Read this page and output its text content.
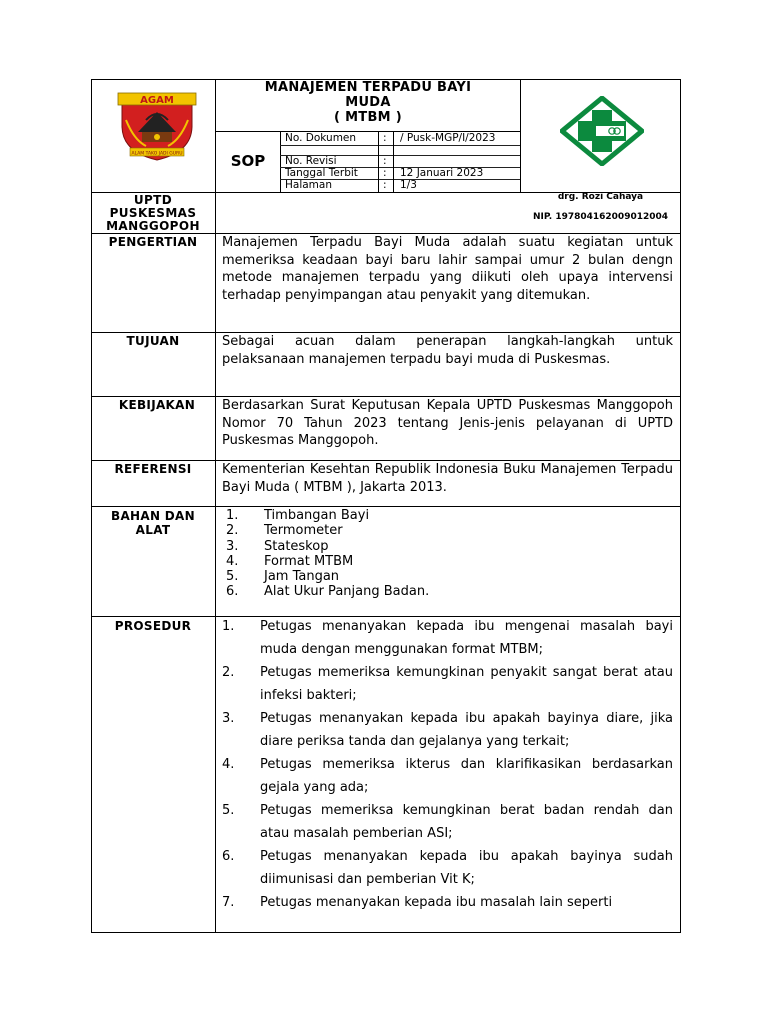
AGAM
ALAM TAKO JADI GURU
MANAJEMEN TERPADU BAYI
MUDA
( MTBM )
SOP
No. Dokumen	: / Pusk-MGP/I/2023
No. Revisi	:
Tanggal Terbit : 12 Januari 2023
Halaman	: 1/3
UPTD
PUSKESMAS
MANGGOPOH
drg. Rozi Cahaya
NIP. 197804162009012004
PENGERTIAN	Manajemen Terpadu Bayi Muda adalah suatu kegiatan untuk memeriksa keadaan bayi baru lahir sampai umur 2 bulan dengn metode manajemen terpadu yang diikuti oleh upaya intervensi terhadap penyimpangan atau penyakit yang ditemukan.
TUJUAN	Sebagai acuan dalam penerapan langkah-langkah untuk pelaksanaan manajemen terpadu bayi muda di Puskesmas.
KEBIJAKAN	Berdasarkan Surat Keputusan Kepala UPTD Puskesmas Manggopoh Nomor 70 Tahun 2023 tentang Jenis-jenis pelayanan di UPTD Puskesmas Manggopoh.
REFERENSI	Kementerian Kesehtan Republik Indonesia Buku Manajemen Terpadu Bayi Muda ( MTBM ), Jakarta 2013.
BAHAN DAN
ALAT
1.	Timbangan Bayi
2.	Termometer
3.	Stateskop
4.	Format MTBM
5.	Jam Tangan
6.	Alat Ukur Panjang Badan.
PROSEDUR	1.	Petugas menanyakan kepada ibu mengenai masalah bayi muda dengan menggunakan format MTBM;
2.	Petugas memeriksa kemungkinan penyakit sangat berat atau infeksi bakteri;
3.	Petugas menanyakan kepada ibu apakah bayinya diare, jika diare periksa tanda dan gejalanya yang terkait;
4.	Petugas memeriksa ikterus dan klarifikasikan berdasarkan gejala yang ada;
5.	Petugas memeriksa kemungkinan berat badan rendah dan atau masalah pemberian ASI;
6.	Petugas menanyakan kepada ibu apakah bayinya sudah diimunisasi dan pemberian Vit K;
7.	Petugas menanyakan kepada ibu masalah lain seperti
